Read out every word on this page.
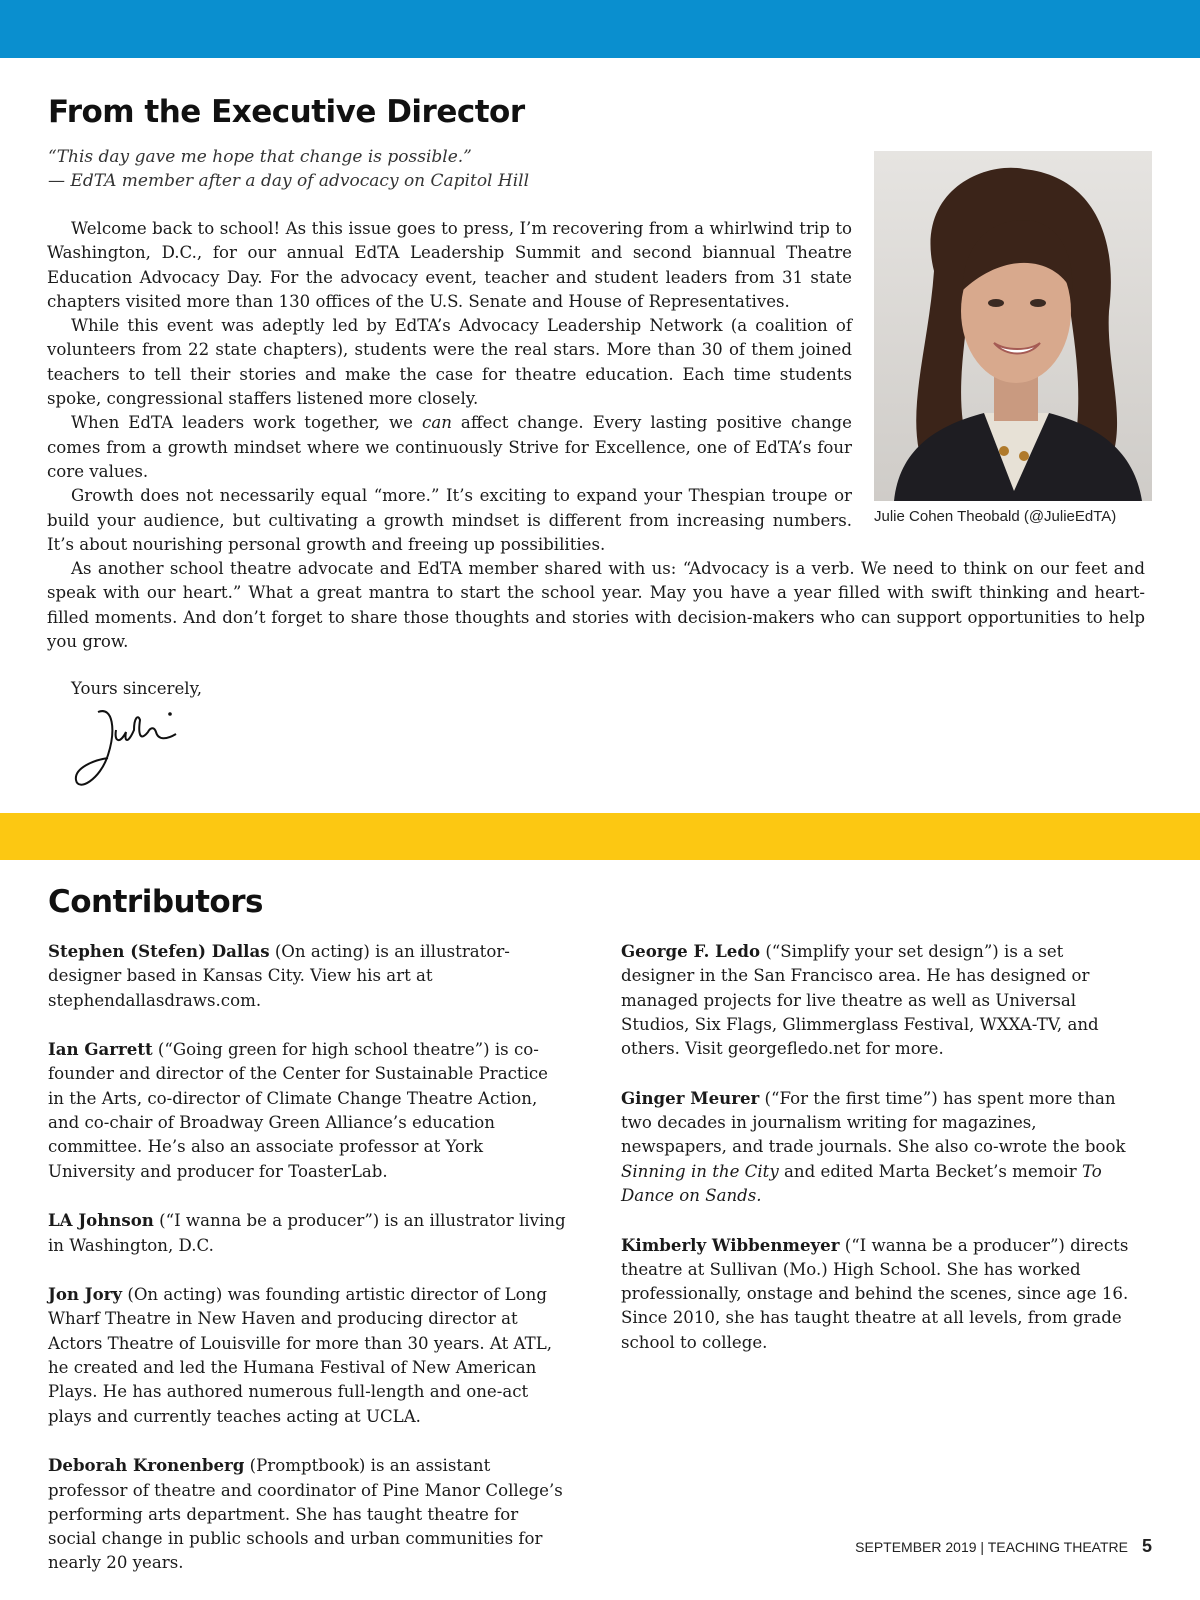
From the Executive Director
“This day gave me hope that change is possible.”
— EdTA member after a day of advocacy on Capitol Hill
Julie Cohen Theobald (@JulieEdTA)

Welcome back to school! As this issue goes to press, I’m recovering from a whirlwind trip to Washington, D.C., for our annual EdTA Leadership Summit and second biannual Theatre Education Advocacy Day. For the advocacy event, teacher and student leaders from 31 state chapters visited more than 130 offices of the U.S. Senate and House of Representatives.

While this event was adeptly led by EdTA’s Advocacy Leadership Network (a coalition of volunteers from 22 state chapters), students were the real stars. More than 30 of them joined teachers to tell their stories and make the case for theatre education. Each time students spoke, congressional staffers listened more closely.

When EdTA leaders work together, we can affect change. Every lasting positive change comes from a growth mindset where we continuously Strive for Excellence, one of EdTA’s four core values.

Growth does not necessarily equal “more.” It’s exciting to expand your Thespian troupe or build your audience, but cultivating a growth mindset is different from increasing numbers. It’s about nourishing personal growth and freeing up possibilities.

As another school theatre advocate and EdTA member shared with us: “Advocacy is a verb. We need to think on our feet and speak with our heart.” What a great mantra to start the school year. May you have a year filled with swift thinking and heart-filled moments. And don’t forget to share those thoughts and stories with decision-makers who can support opportunities to help you grow.

Yours sincerely,
Contributors

Stephen (Stefen) Dallas (On acting) is an illustrator-designer based in Kansas City. View his art at stephendallasdraws.com.

Ian Garrett (“Going green for high school theatre”) is co-founder and director of the Center for Sustainable Practice in the Arts, co-director of Climate Change Theatre Action, and co-chair of Broadway Green Alliance’s education committee. He’s also an associate professor at York University and producer for ToasterLab.

LA Johnson (“I wanna be a producer”) is an illustrator living in Washington, D.C.

Jon Jory (On acting) was founding artistic director of Long Wharf Theatre in New Haven and producing director at Actors Theatre of Louisville for more than 30 years. At ATL, he created and led the Humana Festival of New American Plays. He has authored numerous full-length and one-act plays and currently teaches acting at UCLA.

Deborah Kronenberg (Promptbook) is an assistant professor of theatre and coordinator of Pine Manor College’s performing arts department. She has taught theatre for social change in public schools and urban communities for nearly 20 years.

George F. Ledo (“Simplify your set design”) is a set designer in the San Francisco area. He has designed or managed projects for live theatre as well as Universal Studios, Six Flags, Glimmerglass Festival, WXXA-TV, and others. Visit georgefledo.net for more.

Ginger Meurer (“For the first time”) has spent more than two decades in journalism writing for magazines, newspapers, and trade journals. She also co-wrote the book Sinning in the City and edited Marta Becket’s memoir To Dance on Sands.

Kimberly Wibbenmeyer (“I wanna be a producer”) directs theatre at Sullivan (Mo.) High School. She has worked professionally, onstage and behind the scenes, since age 16. Since 2010, she has taught theatre at all levels, from grade school to college.

SEPTEMBER 2019 | TEACHING THEATRE 5
